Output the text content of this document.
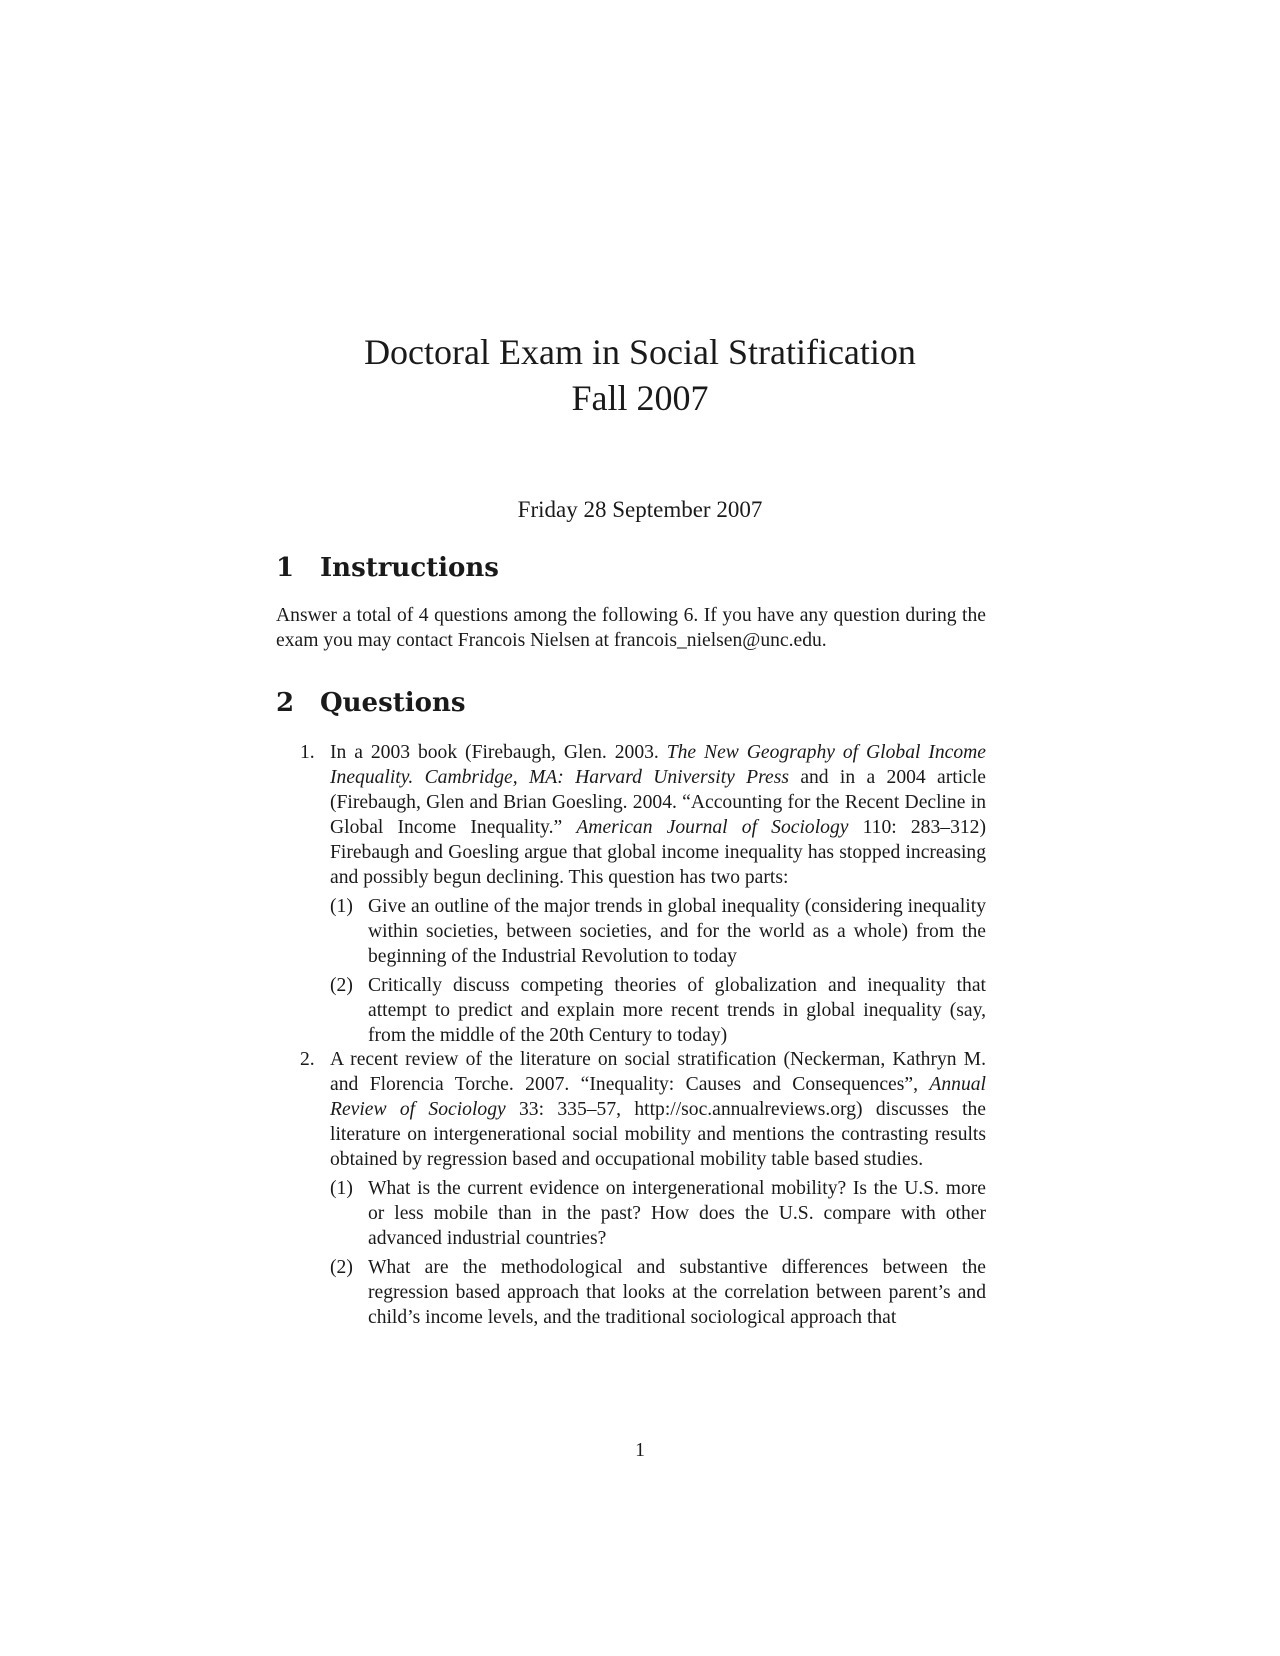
Doctoral Exam in Social Stratification
Fall 2007
Friday 28 September 2007
1 Instructions
Answer a total of 4 questions among the following 6. If you have any question during the exam you may contact Francois Nielsen at francois_nielsen@unc.edu.
2 Questions
1. In a 2003 book (Firebaugh, Glen. 2003. The New Geography of Global Income Inequality. Cambridge, MA: Harvard University Press and in a 2004 article (Firebaugh, Glen and Brian Goesling. 2004. “Accounting for the Recent Decline in Global Income Inequality.” American Journal of Sociology 110: 283–312) Firebaugh and Goesling argue that global income inequality has stopped increasing and possibly begun declining. This question has two parts:
(1) Give an outline of the major trends in global inequality (considering inequality within societies, between societies, and for the world as a whole) from the beginning of the Industrial Revolution to today
(2) Critically discuss competing theories of globalization and inequality that attempt to predict and explain more recent trends in global inequality (say, from the middle of the 20th Century to today)
2. A recent review of the literature on social stratification (Neckerman, Kathryn M. and Florencia Torche. 2007. “Inequality: Causes and Consequences”, Annual Review of Sociology 33: 335–57, http://soc.annualreviews.org) discusses the literature on intergenerational social mobility and mentions the contrasting results obtained by regression based and occupational mobility table based studies.
(1) What is the current evidence on intergenerational mobility? Is the U.S. more or less mobile than in the past? How does the U.S. compare with other advanced industrial countries?
(2) What are the methodological and substantive differences between the regression based approach that looks at the correlation between parent’s and child’s income levels, and the traditional sociological approach that
1
